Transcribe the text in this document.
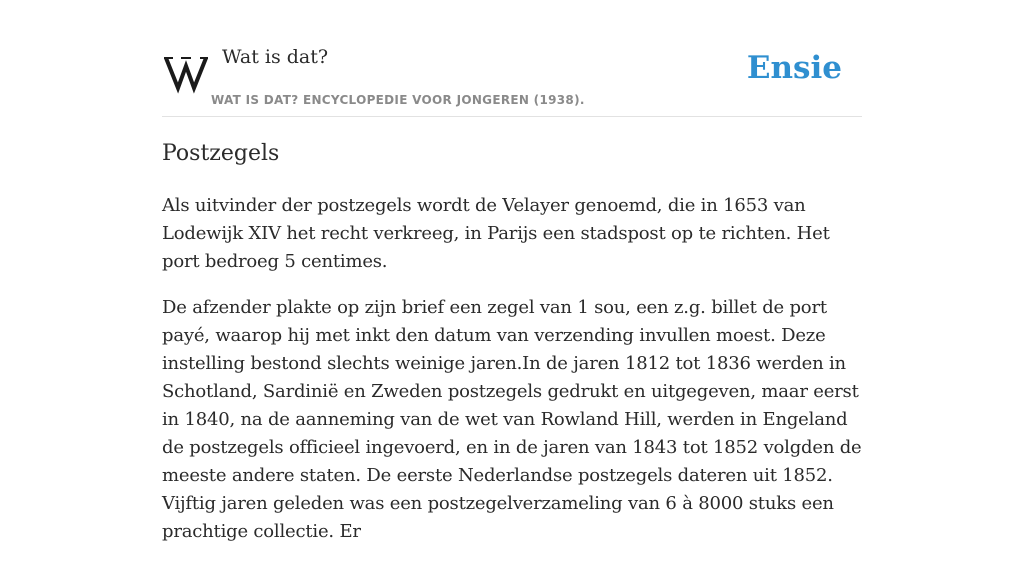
Wat is dat?
WAT IS DAT? ENCYCLOPEDIE VOOR JONGEREN (1938).
Ensie
Postzegels

Als uitvinder der postzegels wordt de Velayer genoemd, die in 1653 van Lodewijk XIV het recht verkreeg, in Parijs een stadspost op te richten. Het port bedroeg 5 centimes.

De afzender plakte op zijn brief een zegel van 1 sou, een z.g. billet de port payé, waarop hij met inkt den datum van verzending invullen moest. Deze instelling bestond slechts weinige jaren.In de jaren 1812 tot 1836 werden in Schotland, Sardinië en Zweden postzegels gedrukt en uitgegeven, maar eerst in 1840, na de aanneming van de wet van Rowland Hill, werden in Engeland de postzegels officieel ingevoerd, en in de jaren van 1843 tot 1852 volgden de meeste andere staten. De eerste Nederlandse postzegels dateren uit 1852. Vijftig jaren geleden was een postzegelverzameling van 6 à 8000 stuks een prachtige collectie. Er
